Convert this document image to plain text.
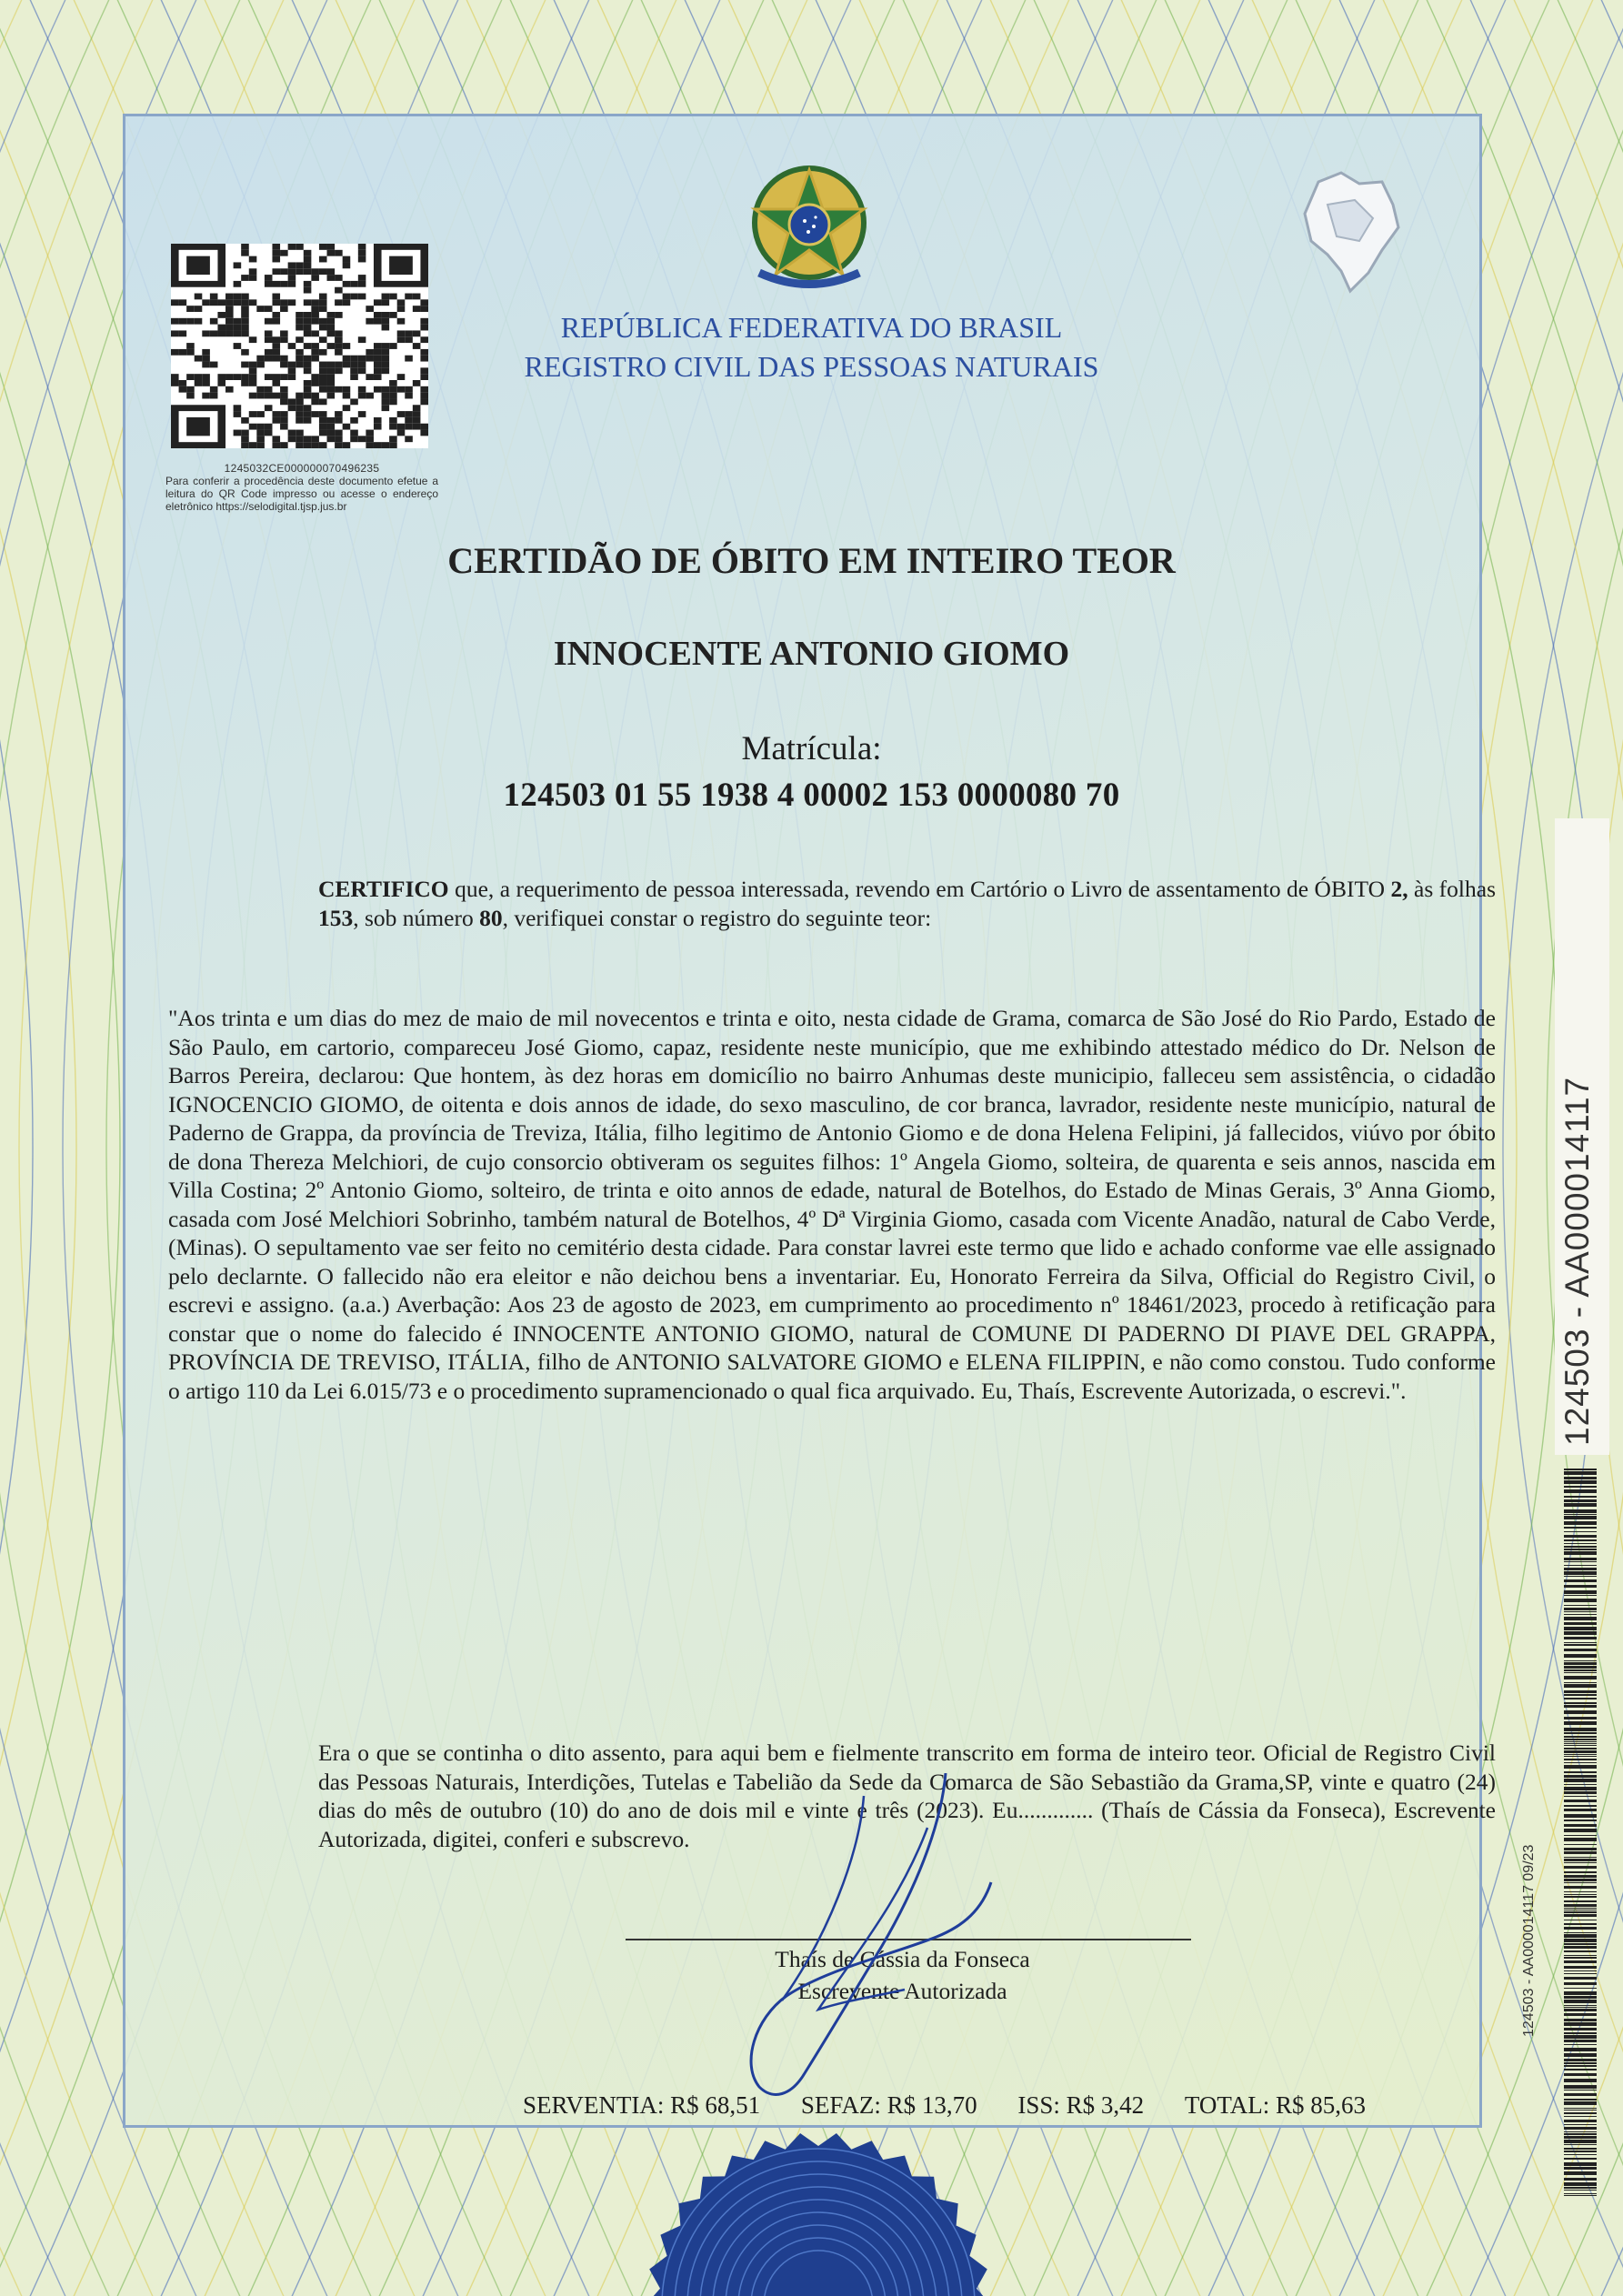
1245032CE000000070496235
Para conferir a procedência deste documento efetue a leitura do QR Code impresso ou acesse o endereço eletrônico https://selodigital.tjsp.jus.br
REPÚBLICA FEDERATIVA DO BRASIL
REGISTRO CIVIL DAS PESSOAS NATURAIS
CERTIDÃO DE ÓBITO EM INTEIRO TEOR
INNOCENTE ANTONIO GIOMO
Matrícula:
124503 01 55 1938 4 00002 153 0000080 70
CERTIFICO que, a requerimento de pessoa interessada, revendo em Cartório o Livro de assentamento de ÓBITO 2, às folhas 153, sob número 80, verifiquei constar o registro do seguinte teor:
"Aos trinta e um dias do mez de maio de mil novecentos e trinta e oito, nesta cidade de Grama, comarca de São José do Rio Pardo, Estado de São Paulo, em cartorio, compareceu José Giomo, capaz, residente neste município, que me exhibindo attestado médico do Dr. Nelson de Barros Pereira, declarou: Que hontem, às dez horas em domicílio no bairro Anhumas deste municipio, falleceu sem assistência, o cidadão IGNOCENCIO GIOMO, de oitenta e dois annos de idade, do sexo masculino, de cor branca, lavrador, residente neste município, natural de Paderno de Grappa, da província de Treviza, Itália, filho legitimo de Antonio Giomo e de dona Helena Felipini, já fallecidos, viúvo por óbito de dona Thereza Melchiori, de cujo consorcio obtiveram os seguites filhos: 1º Angela Giomo, solteira, de quarenta e seis annos, nascida em Villa Costina; 2º Antonio Giomo, solteiro, de trinta e oito annos de edade, natural de Botelhos, do Estado de Minas Gerais, 3º Anna Giomo, casada com José Melchiori Sobrinho, também natural de Botelhos, 4º Dª Virginia Giomo, casada com Vicente Anadão, natural de Cabo Verde, (Minas). O sepultamento vae ser feito no cemitério desta cidade. Para constar lavrei este termo que lido e achado conforme vae elle assignado pelo declarnte. O fallecido não era eleitor e não deichou bens a inventariar. Eu, Honorato Ferreira da Silva, Official do Registro Civil, o escrevi e assigno. (a.a.) Averbação: Aos 23 de agosto de 2023, em cumprimento ao procedimento nº 18461/2023, procedo à retificação para constar que o nome do falecido é INNOCENTE ANTONIO GIOMO, natural de COMUNE DI PADERNO DI PIAVE DEL GRAPPA, PROVÍNCIA DE TREVISO, ITÁLIA, filho de ANTONIO SALVATORE GIOMO e ELENA FILIPPIN, e não como constou. Tudo conforme o artigo 110 da Lei 6.015/73 e o procedimento supramencionado o qual fica arquivado. Eu, Thaís, Escrevente Autorizada, o escrevi.".
Era o que se continha o dito assento, para aqui bem e fielmente transcrito em forma de inteiro teor. Oficial de Registro Civil das Pessoas Naturais, Interdições, Tutelas e Tabelião da Sede da Comarca de São Sebastião da Grama,SP, vinte e quatro (24) dias do mês de outubro (10) do ano de dois mil e vinte e três (2023). Eu............. (Thaís de Cássia da Fonseca), Escrevente Autorizada, digitei, conferi e subscrevo.
Thaís de Cássia da Fonseca
Escrevente Autorizada
SERVENTIA: R$ 68,51 SEFAZ: R$ 13,70 ISS: R$ 3,42 TOTAL: R$ 85,63
124503 - AA000014117
124503 - AA000014117 09/23
